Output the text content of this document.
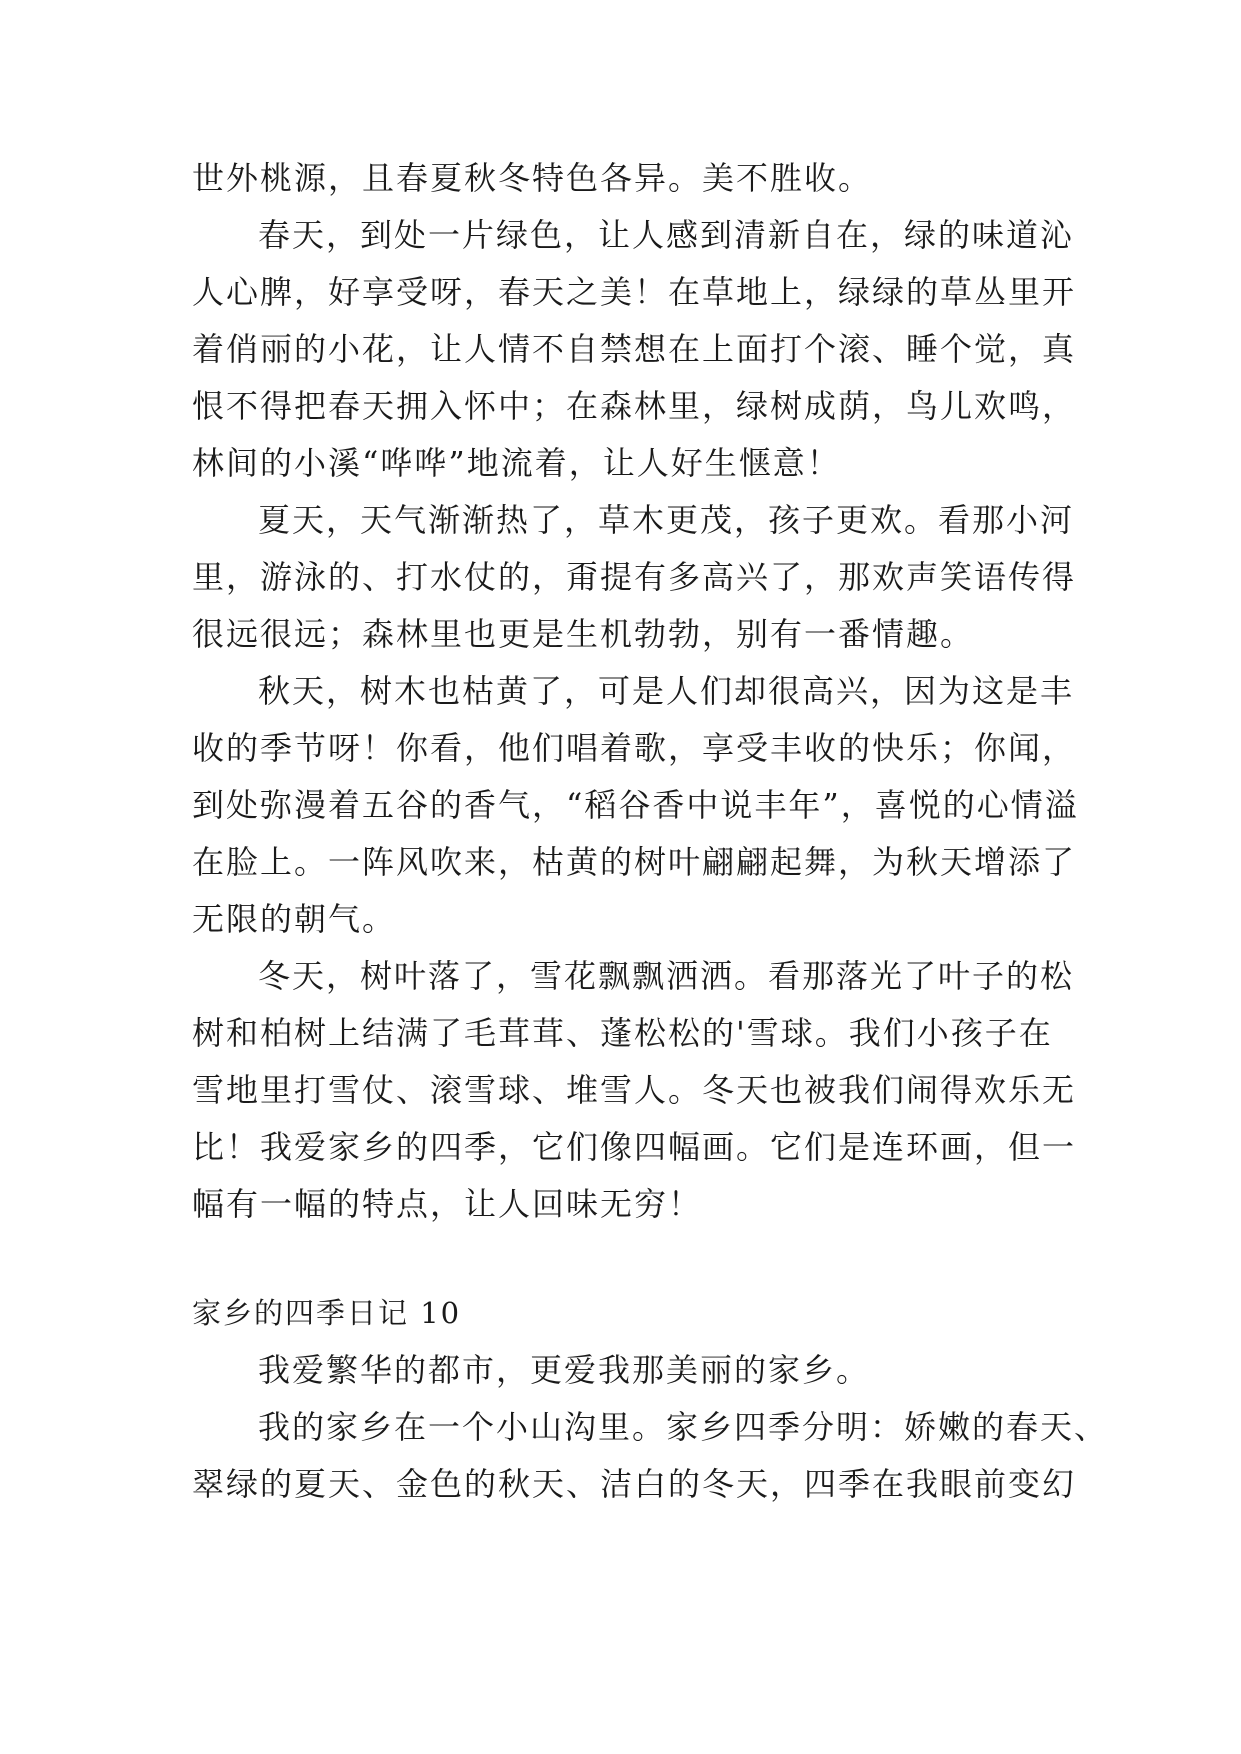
世外桃源，且春夏秋冬特色各异。美不胜收。
春天，到处一片绿色，让人感到清新自在，绿的味道沁
人心脾，好享受呀，春天之美！在草地上，绿绿的草丛里开
着俏丽的小花，让人情不自禁想在上面打个滚、睡个觉，真
恨不得把春天拥入怀中；在森林里，绿树成荫，鸟儿欢鸣，
林间的小溪“哗哗”地流着，让人好生惬意！
夏天，天气渐渐热了，草木更茂，孩子更欢。看那小河
里，游泳的、打水仗的，甭提有多高兴了，那欢声笑语传得
很远很远；森林里也更是生机勃勃，别有一番情趣。
秋天，树木也枯黄了，可是人们却很高兴，因为这是丰
收的季节呀！你看，他们唱着歌，享受丰收的快乐；你闻，
到处弥漫着五谷的香气，“稻谷香中说丰年”，喜悦的心情溢
在脸上。一阵风吹来，枯黄的树叶翩翩起舞，为秋天增添了
无限的朝气。
冬天，树叶落了，雪花飘飘洒洒。看那落光了叶子的松
树和柏树上结满了毛茸茸、蓬松松的'雪球。我们小孩子在
雪地里打雪仗、滚雪球、堆雪人。冬天也被我们闹得欢乐无
比！我爱家乡的四季，它们像四幅画。它们是连环画，但一
幅有一幅的特点，让人回味无穷！
家乡的四季日记 10
我爱繁华的都市，更爱我那美丽的家乡。
我的家乡在一个小山沟里。家乡四季分明：娇嫩的春天、
翠绿的夏天、金色的秋天、洁白的冬天，四季在我眼前变幻
